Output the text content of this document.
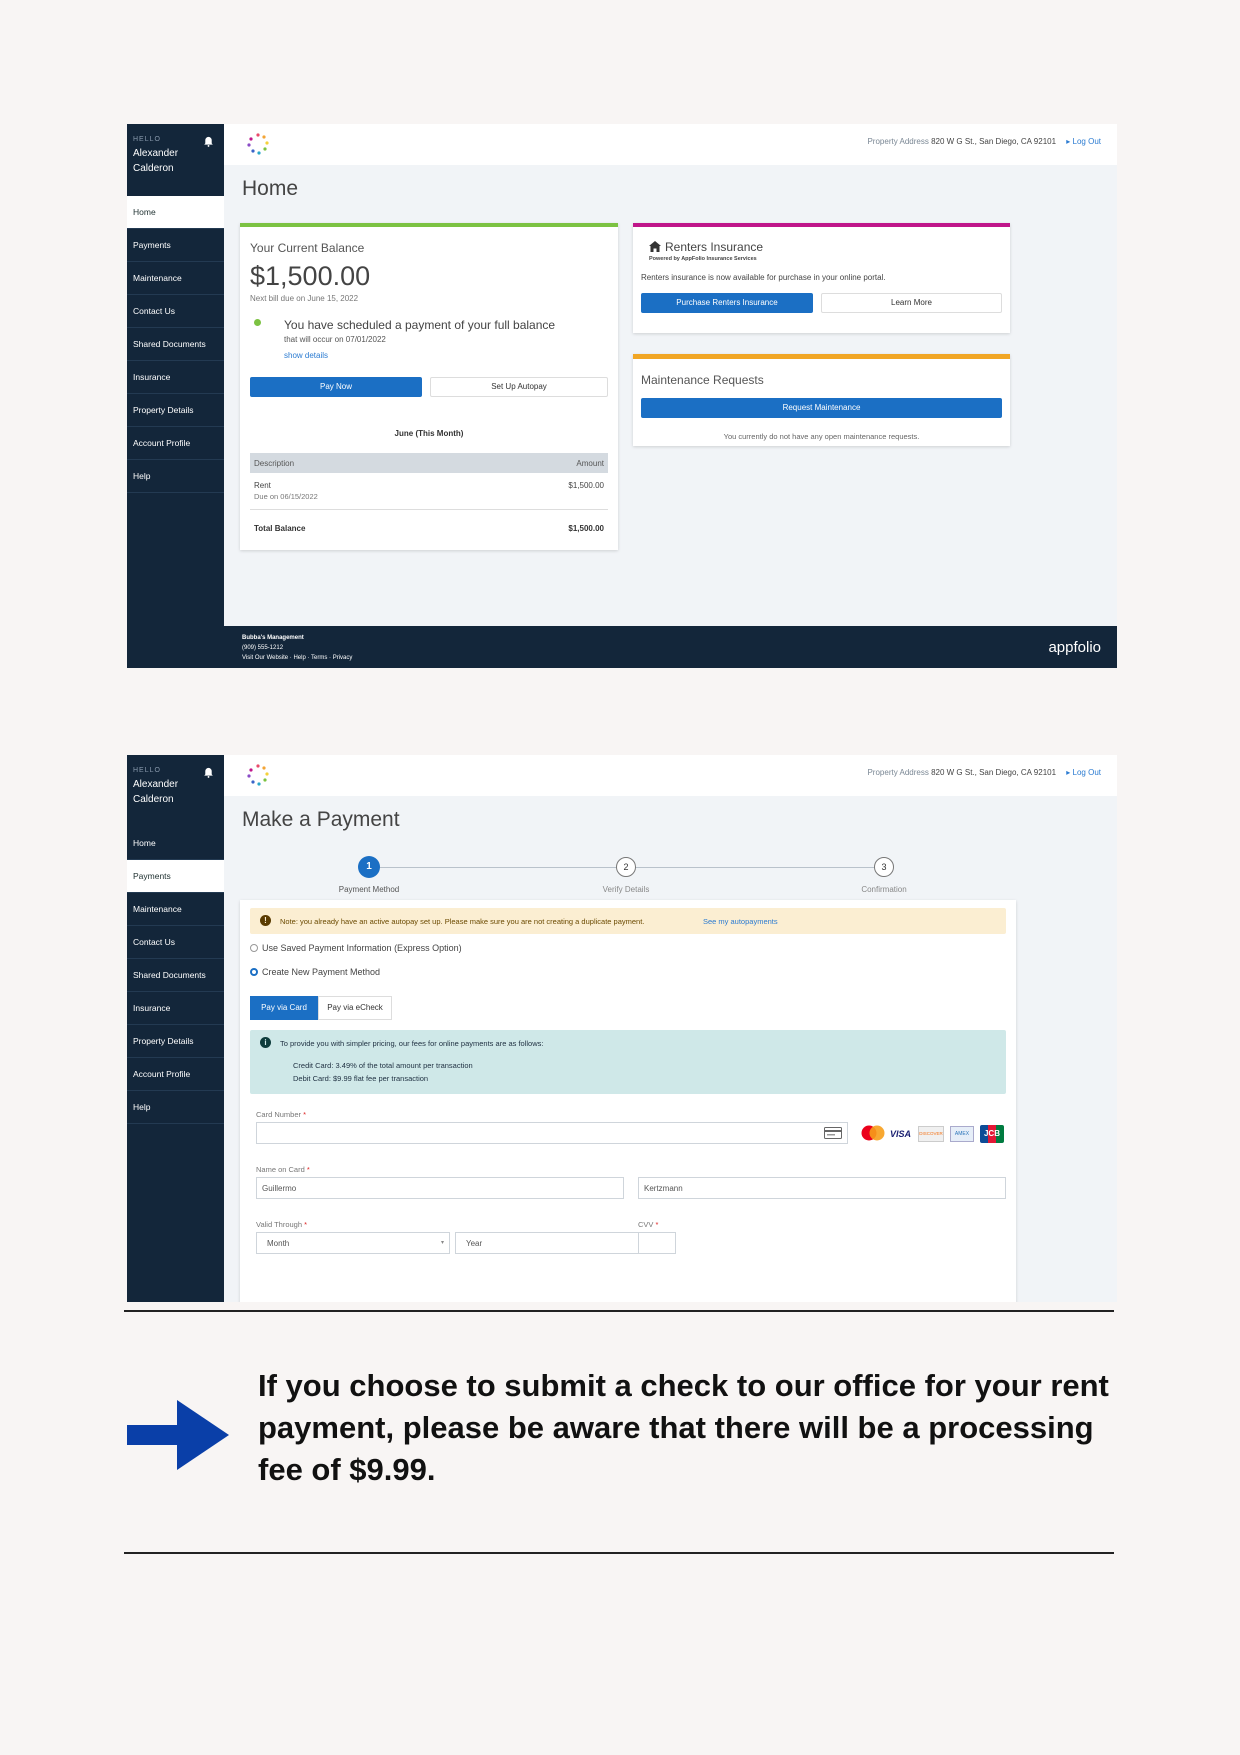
HELLO
Alexander
Calderon
Home
Payments
Maintenance
Contact Us
Shared Documents
Insurance
Property Details
Account Profile
Help
Property Address 820 W G St., San Diego, CA 92101 ▸ Log Out
Home
Your Current Balance
$1,500.00
Next bill due on June 15, 2022
You have scheduled a payment of your full balance
that will occur on 07/01/2022
show details
Pay Now	Set Up Autopay
June (This Month)
Description	Amount
Rent
Due on 06/15/2022
$1,500.00
Total Balance	$1,500.00
Renters Insurance
Powered by AppFolio Insurance Services
Renters insurance is now available for purchase in your online portal.
Purchase Renters Insurance	Learn More
Maintenance Requests
Request Maintenance
You currently do not have any open maintenance requests.
Bubba's Management
(909) 555-1212
Visit Our Website · Help · Terms · Privacy
appfolio
HELLO
Alexander
Calderon
Home
Payments
Maintenance
Contact Us
Shared Documents
Insurance
Property Details
Account Profile
Help
Property Address 820 W G St., San Diego, CA 92101 ▸ Log Out
Make a Payment
1
Payment Method
2
Verify Details
3
Confirmation
!	Note: you already have an active autopay set up. Please make sure you are not creating a duplicate payment.	See my autopayments
Use Saved Payment Information (Express Option)
Create New Payment Method
Pay via Card	Pay via eCheck
i	To provide you with simpler pricing, our fees for online payments are as follows:
Credit Card: 3.49% of the total amount per transaction
Debit Card: $9.99 flat fee per transaction
Card Number *
VISA	DISCOVER	AMEX	JCB
Name on Card *
Guillermo
Kertzmann
Valid Through *
Month	▾	Year
CVV *
If you choose to submit a check to our office for your rent payment, please be aware that there will be a processing fee of $9.99.
